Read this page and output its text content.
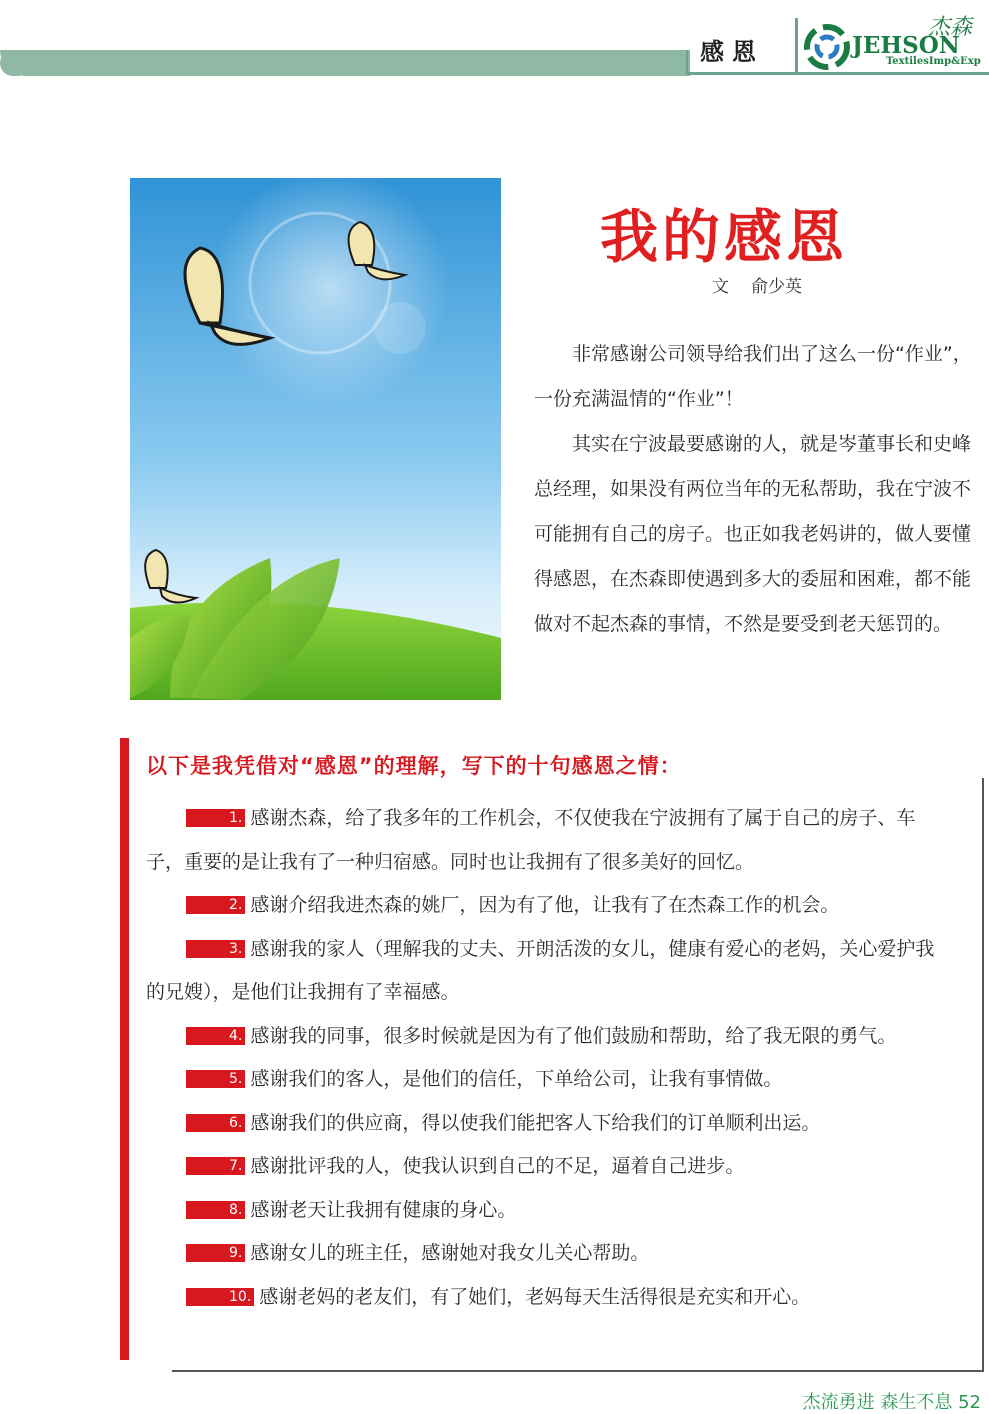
感恩
杰森
JEHSON
TextilesImp&Exp
我的感恩
文 俞少英

非常感谢公司领导给我们出了这么一份“作业”，一份充满温情的“作业”！

其实在宁波最要感谢的人，就是岑董事长和史峰总经理，如果没有两位当年的无私帮助，我在宁波不可能拥有自己的房子。也正如我老妈讲的，做人要懂得感恩，在杰森即使遇到多大的委屈和困难，都不能做对不起杰森的事情，不然是要受到老天惩罚的。

以下是我凭借对“感恩”的理解，写下的十句感恩之情：

1. 感谢杰森，给了我多年的工作机会，不仅使我在宁波拥有了属于自己的房子、车子，重要的是让我有了一种归宿感。同时也让我拥有了很多美好的回忆。

2. 感谢介绍我进杰森的姚厂，因为有了他，让我有了在杰森工作的机会。

3. 感谢我的家人（理解我的丈夫、开朗活泼的女儿，健康有爱心的老妈，关心爱护我的兄嫂），是他们让我拥有了幸福感。

4. 感谢我的同事，很多时候就是因为有了他们鼓励和帮助，给了我无限的勇气。

5. 感谢我们的客人，是他们的信任，下单给公司，让我有事情做。

6. 感谢我们的供应商，得以使我们能把客人下给我们的订单顺利出运。

7. 感谢批评我的人，使我认识到自己的不足，逼着自己进步。

8. 感谢老天让我拥有健康的身心。

9. 感谢女儿的班主任，感谢她对我女儿关心帮助。

10. 感谢老妈的老友们，有了她们，老妈每天生活得很是充实和开心。

杰流勇进 森生不息 52
